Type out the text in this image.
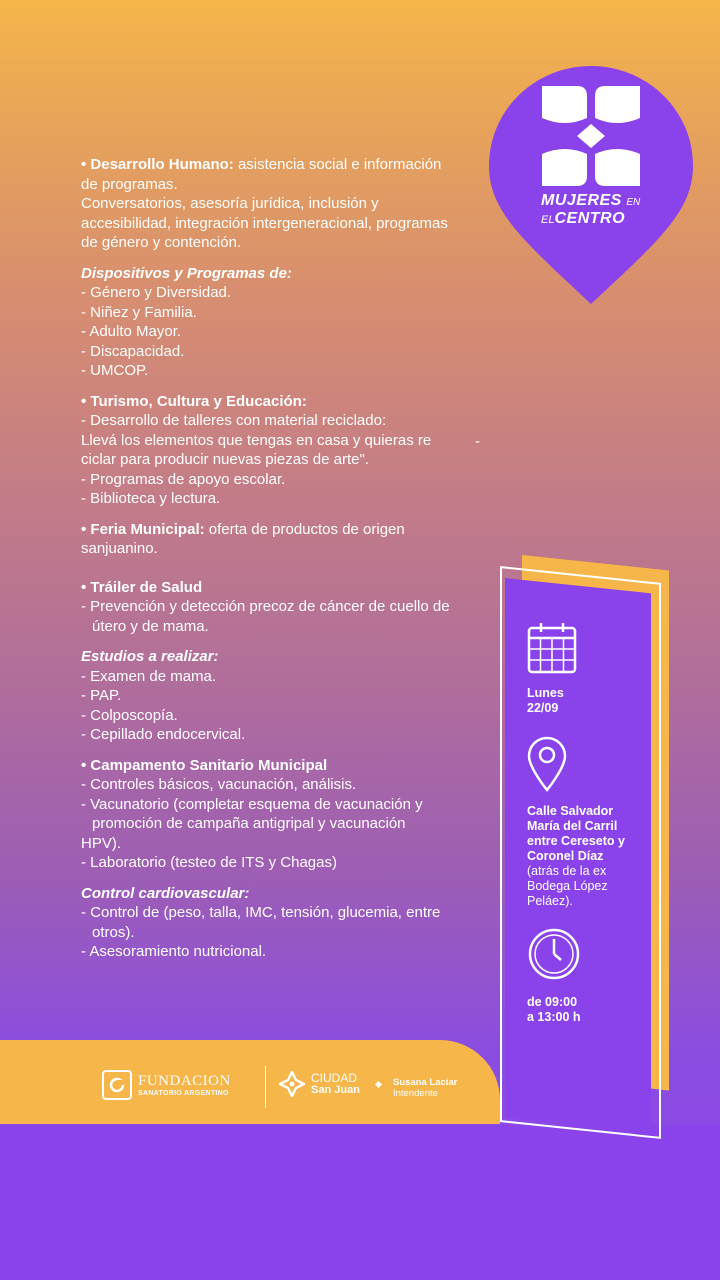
MUJERES EN
ELCENTRO

• Desarrollo Humano: asistencia social e información de programas.
Conversatorios, asesoría jurídica, inclusión y accesibilidad, integración intergeneracional, programas de género y contención.

Dispositivos y Programas de:

- Género y Diversidad.
- Niñez y Familia.
- Adulto Mayor.
- Discapacidad.
- UMCOP.

• Turismo, Cultura y Educación:

- Desarrollo de talleres con material reciclado:
Llevá los elementos que tengas en casa y quieras re
ciclar para producir nuevas piezas de arte".
- Programas de apoyo escolar.
- Biblioteca y lectura.

• Feria Municipal: oferta de productos de origen sanjuanino.

• Tráiler de Salud

- Prevención y detección precoz de cáncer de cuello de útero y de mama.

Estudios a realizar:

- Examen de mama.
- PAP.
- Colposcopía.
- Cepillado endocervical.

• Campamento Sanitario Municipal

- Controles básicos, vacunación, análisis.
- Vacunatorio (completar esquema de vacunación y
promoción de campaña antigripal y vacunación
HPV).
- Laboratorio (testeo de ITS y Chagas)

Control cardiovascular:

- Control de (peso, talla, IMC, tensión, glucemia, entre otros).
- Asesoramiento nutricional.
-
Lunes
22/09
Calle Salvador María del Carril entre Cereseto y Coronel Díaz
(atrás de la ex Bodega López Peláez).
de 09:00
a 13:00 h
FUNDACION
SANATORIO ARGENTINO
CIUDAD
San Juan
Susana Laciar
Intendente
